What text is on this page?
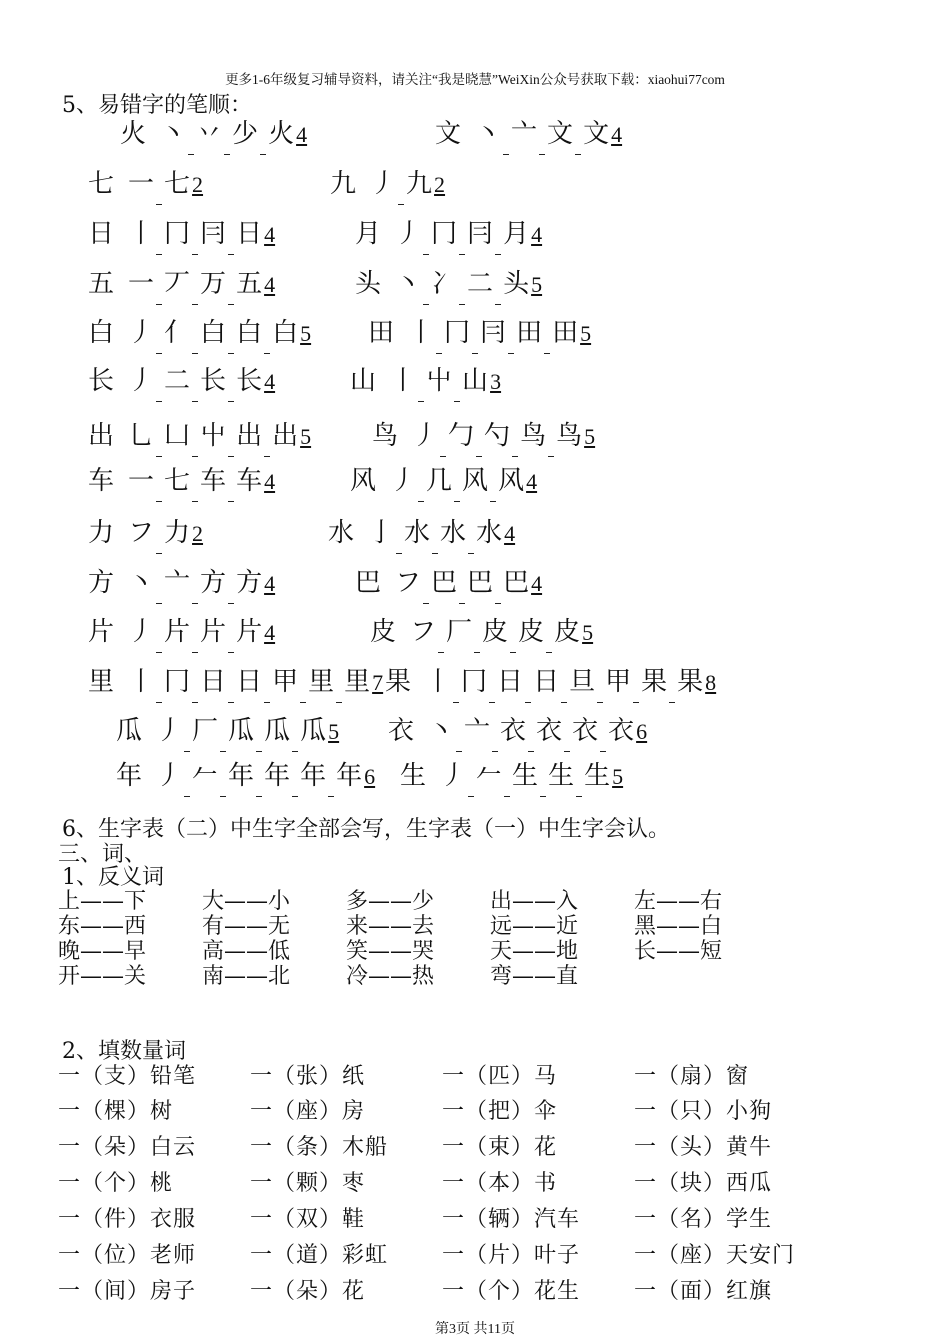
更多1-6年级复习辅导资料，请关注“我是晓慧”WeiXin公众号获取下载：xiaohui77com
5、易错字的笔顺：
火 丶 丷 少 火4	文 丶 亠 文 文4
七 一 七2	九 丿 九2
日 丨 冂 冃 日4	月 丿 冂 冃 月4
五 一 丆 万 五4	头 丶 冫 二 头5
白 丿 亻 白 白 白5 田 丨 冂 冃 田 田5
长 丿 二 长 长4	山 丨 屮 山3
出 乚 凵 屮 出 出5 鸟 丿 勹 勺 鸟 鸟5
车 一 七 车 车4	风 丿 几 风 风4
力 フ 力2	水 亅 水 水 水4
方 丶 亠 方 方4	巴 フ 巴 巴 巴4
片 丿 片 片 片4	皮 フ 厂 皮 皮 皮5
里 丨 冂 日 日 甲 里 里7 果 丨 冂 日 日 旦 甲 果 果8
瓜 丿 厂 瓜 瓜 瓜5 衣 丶 亠 衣 衣 衣 衣6
年 丿 𠂉 年 年 年 年6 生 丿 𠂉 生 生 生5
6、生字表（二）中生字全部会写，生字表（一）中生字会认。
三、词、
1、反义词
上——下	大——小	多——少	出——入	左——右
东——西	有——无	来——去	远——近	黑——白
晚——早	高——低	笑——哭	天——地	长——短
开——关	南——北	冷——热	弯——直
2、填数量词
一（支）铅笔 一（张）纸	一（匹）马	一（扇）窗
一（棵）树	一（座）房	一（把）伞	一（只）小狗
一（朵）白云 一（条）木船 一（束）花	一（头）黄牛
一（个）桃	一（颗）枣	一（本）书	一（块）西瓜
一（件）衣服 一（双）鞋	一（辆）汽车 一（名）学生
一（位）老师 一（道）彩虹 一（片）叶子 一（座）天安门
一（间）房子 一（朵）花	一（个）花生 一（面）红旗
第3页 共11页
